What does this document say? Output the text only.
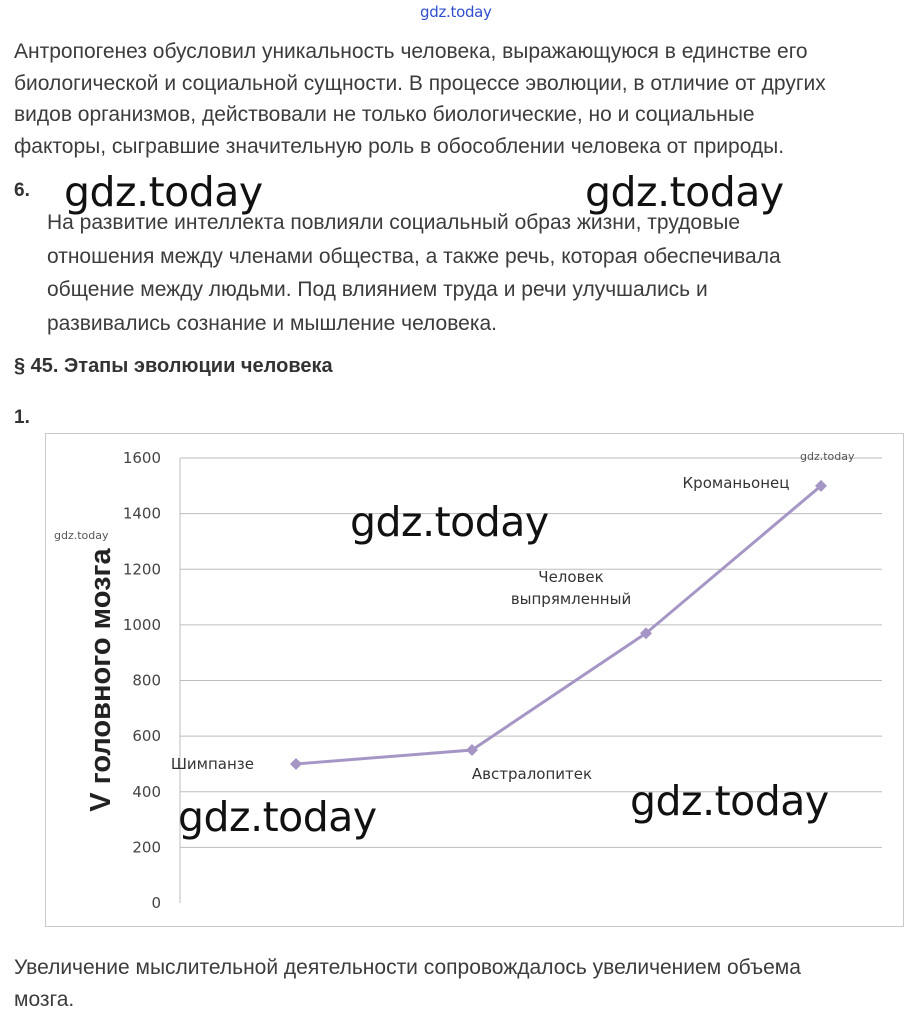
gdz.today
Антропогенез обусловил уникальность человека, выражающуюся в единстве его
биологической и социальной сущности. В процессе эволюции, в отличие от других
видов организмов, действовали не только биологические, но и социальные
факторы, сыгравшие значительную роль в обособлении человека от природы.
6.
На развитие интеллекта повлияли социальный образ жизни, трудовые
отношения между членами общества, а также речь, которая обеспечивала
общение между людьми. Под влиянием труда и речи улучшались и
развивались сознание и мышление человека.
gdz.today	gdz.today
§ 45. Этапы эволюции человека
1.
0
200
400
600
800
1000
1200
1400
1600
V головного мозга	Шимпанзе
Австралопитек
Человек выпрямленный
Кроманьонец
gdz.today
gdz.today
gdz.today
gdz.today	gdz.today
Увеличение мыслительной деятельности сопровождалось увеличением объема
мозга.
